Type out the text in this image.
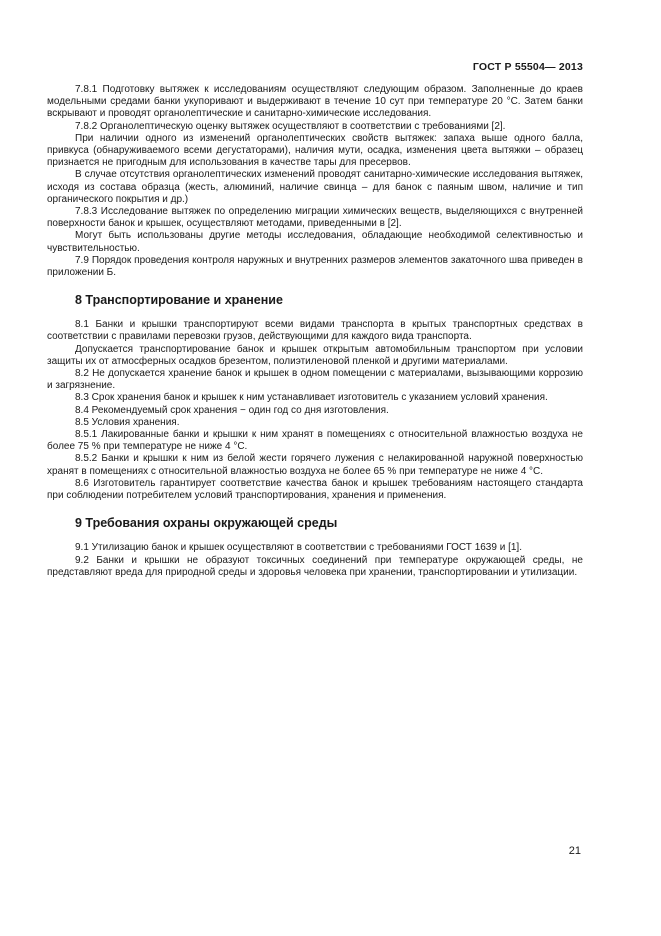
ГОСТ Р 55504— 2013

7.8.1 Подготовку вытяжек к исследованиям осуществляют следующим образом. Заполненные до краев модельными средами банки укупоривают и выдерживают в течение 10 сут при температуре 20 °С. Затем банки вскрывают и проводят органолептические и санитарно-химические исследования.

7.8.2 Органолептическую оценку вытяжек осуществляют в соответствии с требованиями [2].

При наличии одного из изменений органолептических свойств вытяжек: запаха выше одного балла, привкуса (обнаруживаемого всеми дегустаторами), наличия мути, осадка, изменения цвета вытяжки – образец признается не пригодным для использования в качестве тары для пресервов.

В случае отсутствия органолептических изменений проводят санитарно-химические исследования вытяжек, исходя из состава образца (жесть, алюминий, наличие свинца – для банок с паяным швом, наличие и тип органического покрытия и др.)

7.8.3 Исследование вытяжек по определению миграции химических веществ, выделяющихся с внутренней поверхности банок и крышек, осуществляют методами, приведенными в [2].

Могут быть использованы другие методы исследования, обладающие необходимой селективностью и чувствительностью.

7.9 Порядок проведения контроля наружных и внутренних размеров элементов закаточного шва приведен в приложении Б.

8 Транспортирование и хранение

8.1 Банки и крышки транспортируют всеми видами транспорта в крытых транспортных средствах в соответствии с правилами перевозки грузов, действующими для каждого вида транспорта.

Допускается транспортирование банок и крышек открытым автомобильным транспортом при условии защиты их от атмосферных осадков брезентом, полиэтиленовой пленкой и другими материалами.

8.2 Не допускается хранение банок и крышек в одном помещении с материалами, вызывающими коррозию и загрязнение.

8.3 Срок хранения банок и крышек к ним устанавливает изготовитель с указанием условий хранения.

8.4 Рекомендуемый срок хранения − один год со дня изготовления.

8.5 Условия хранения.

8.5.1 Лакированные банки и крышки к ним хранят в помещениях с относительной влажностью воздуха не более 75 % при температуре не ниже 4 °С.

8.5.2 Банки и крышки к ним из белой жести горячего лужения с нелакированной наружной поверхностью хранят в помещениях с относительной влажностью воздуха не более 65 % при температуре не ниже 4 °С.

8.6 Изготовитель гарантирует соответствие качества банок и крышек требованиям настоящего стандарта при соблюдении потребителем условий транспортирования, хранения и применения.

9 Требования охраны окружающей среды

9.1 Утилизацию банок и крышек осуществляют в соответствии с требованиями ГОСТ 1639 и [1].

9.2 Банки и крышки не образуют токсичных соединений при температуре окружающей среды, не представляют вреда для природной среды и здоровья человека при хранении, транспортировании и утилизации.

21
